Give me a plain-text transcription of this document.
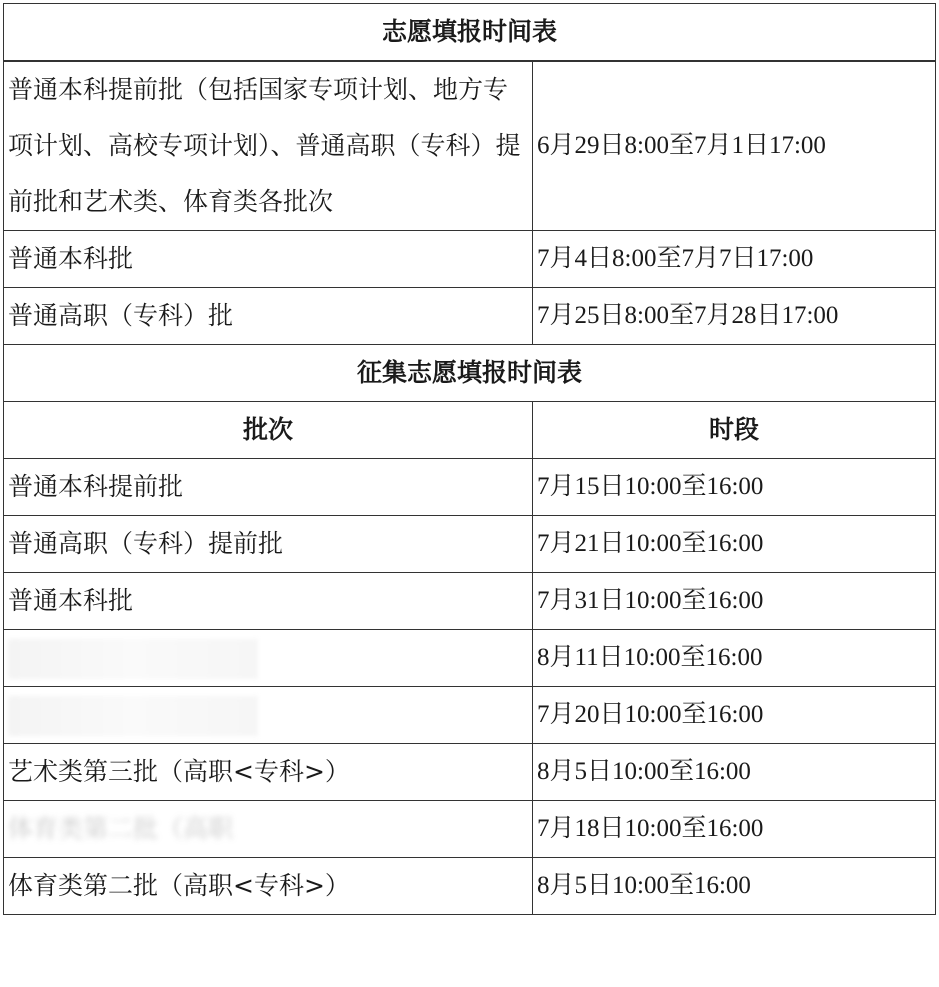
志愿填报时间表	

普通本科提前批（包括国家专项计划、地方专项计划、高校专项计划）、普通高职（专科）提前批和艺术类、体育类各批次	6月29日8:00至7月1日17:00
普通本科批	7月4日8:00至7月7日17:00
普通高职（专科）批	7月25日8:00至7月28日17:00
征集志愿填报时间表	
批次	时段
普通本科提前批	7月15日10:00至16:00
普通高职（专科）提前批	7月21日10:00至16:00
普通本科批	7月31日10:00至16:00
	8月11日10:00至16:00
	7月20日10:00至16:00
艺术类第三批（高职<专科>）	8月5日10:00至16:00
体育类第二批（高职	7月18日10:00至16:00
体育类第二批（高职<专科>）	8月5日10:00至16:00
